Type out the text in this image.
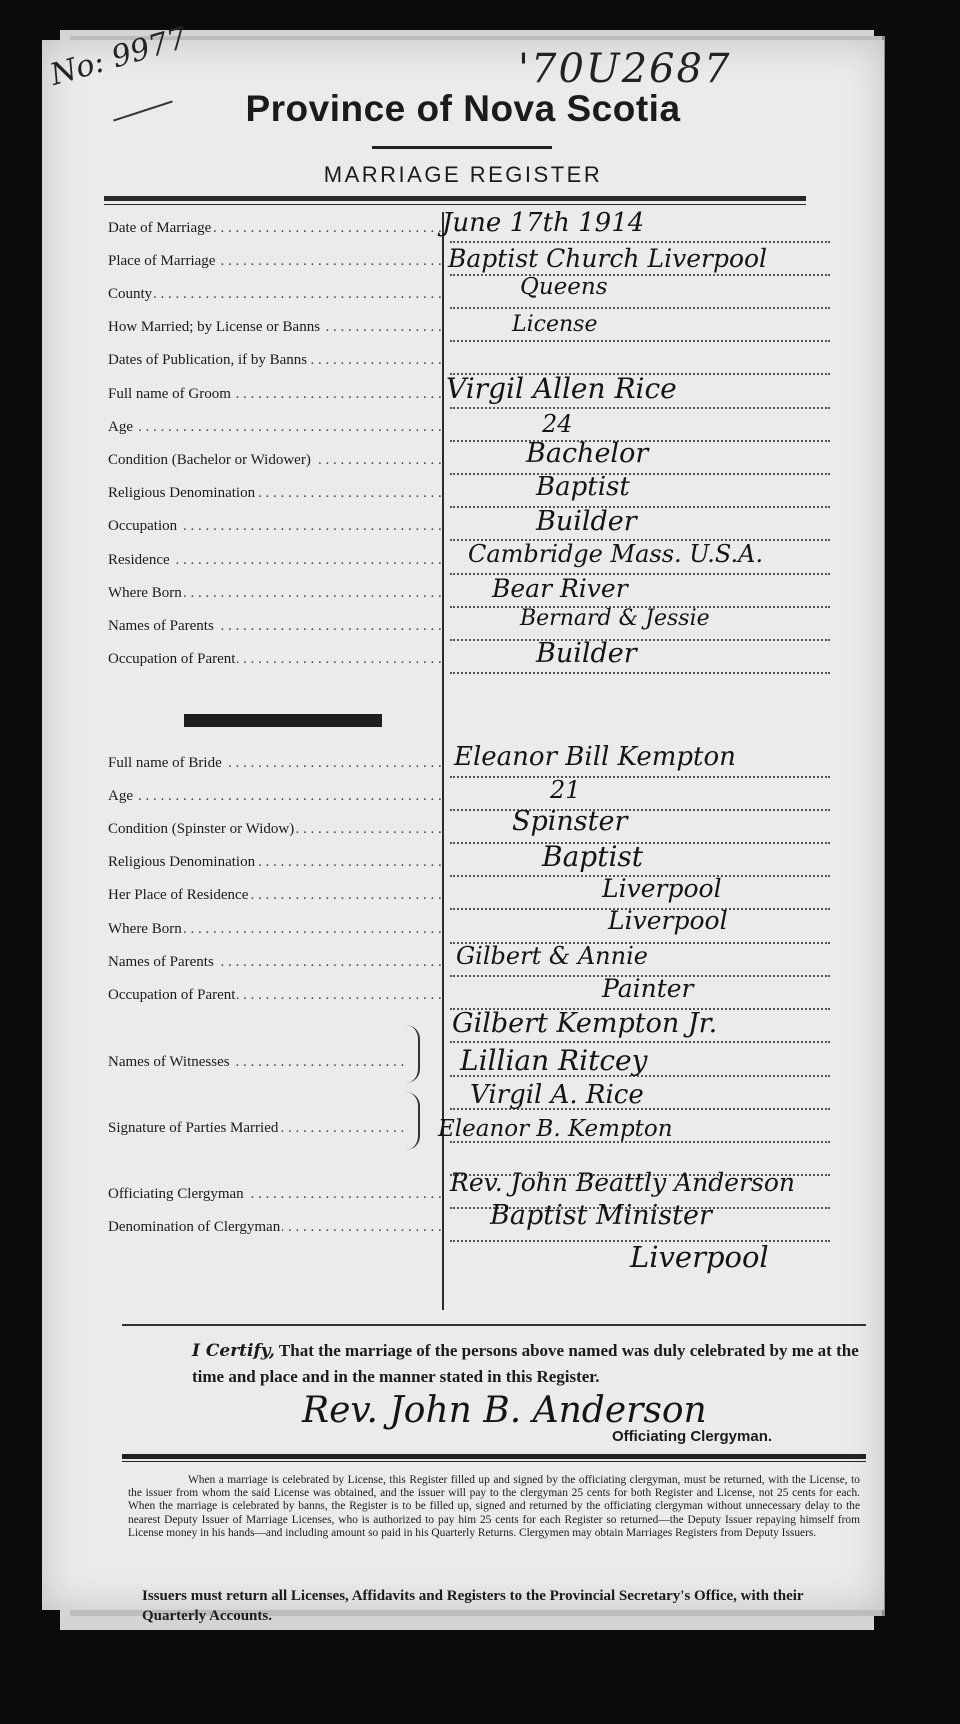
No: 9977	'70U2687
Province of Nova Scotia
MARRIAGE REGISTER
Date of Marriage . . .
Place of Marriage . . .
County . . .
How Married; by License or Banns . . .
Dates of Publication, if by Banns . . .
Full name of Groom . . .
Age . . .
Condition (Bachelor or Widower) . . .
Religious Denomination . . .
Occupation . . .
Residence . . .
Where Born . . .
Names of Parents . . .
Occupation of Parent . . .
Full name of Bride . . .
Age . . .
Condition (Spinster or Widow) . . .
Religious Denomination . . .
Her Place of Residence . . .
Where Born . . .
Names of Parents . . .
Occupation of Parent . . .
Names of Witnesses . . .
Signature of Parties Married . . .
Officiating Clergyman . . .
Denomination of Clergyman . . .
June 17th 1914
Baptist Church Liverpool
Queens
License
Virgil Allen Rice
24
Bachelor
Baptist
Builder
Cambridge Mass. U.S.A.
Bear River
Bernard & Jessie
Builder
Eleanor Bill Kempton
21
Spinster
Baptist
Liverpool
Liverpool
Gilbert & Annie
Painter
Gilbert Kempton Jr.
Lillian Ritcey
Virgil A. Rice
Eleanor B. Kempton
Rev. John Beattly Anderson
Baptist Minister
Liverpool
I Certify, That the marriage of the persons above named was duly celebrated by me at the time and place and in the manner stated in this Register.
Rev. John B. Anderson
Officiating Clergyman.
When a marriage is celebrated by License, this Register filled up and signed by the officiating clergyman, must be returned, with the License, to the issuer from whom the said License was obtained, and the issuer will pay to the clergyman 25 cents for both Register and License, not 25 cents for each. When the marriage is celebrated by banns, the Register is to be filled up, signed and returned by the officiating clergyman without unnecessary delay to the nearest Deputy Issuer of Marriage Licenses, who is authorized to pay him 25 cents for each Register so returned—the Deputy Issuer repaying himself from License money in his hands—and including amount so paid in his Quarterly Returns. Clergymen may obtain Marriages Registers from Deputy Issuers.
Issuers must return all Licenses, Affidavits and Registers to the Provincial Secretary's Office, with their Quarterly Accounts.
